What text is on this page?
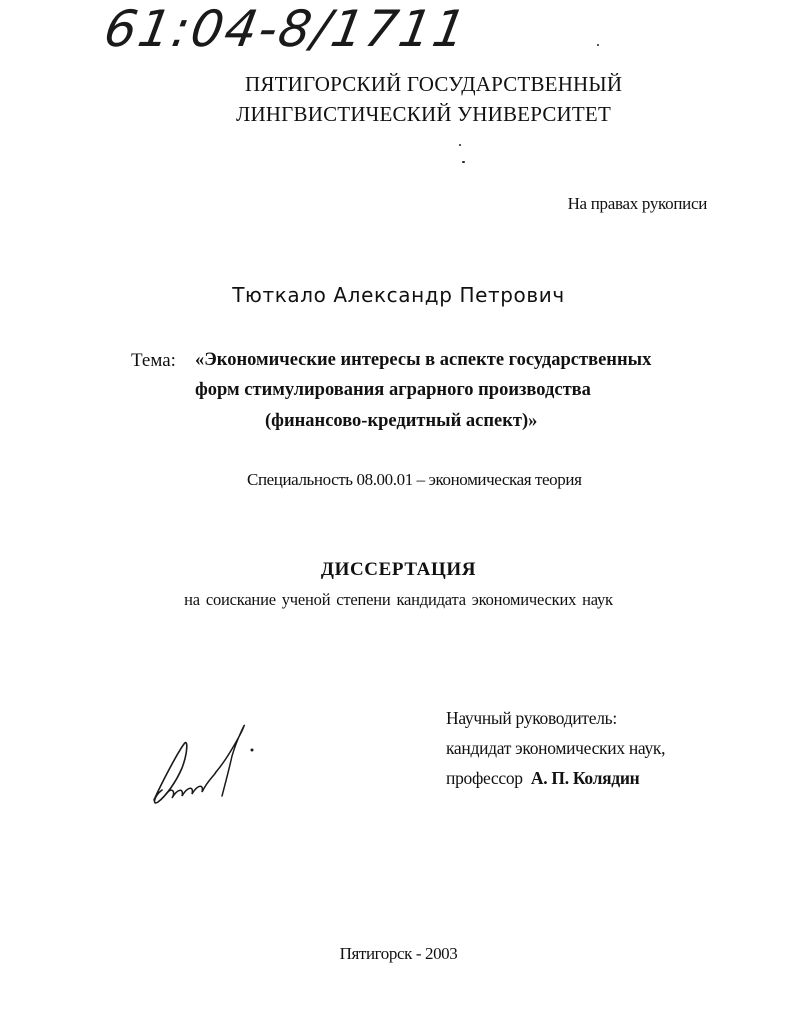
61:04-8/1711
ПЯТИГОРСКИЙ ГОСУДАРСТВЕННЫЙ
ЛИНГВИСТИЧЕСКИЙ УНИВЕРСИТЕТ
На правах рукописи
Тюткало Александр Петрович
Тема: «Экономические интересы в аспекте государственных
форм стимулирования аграрного производства
(финансово-кредитный аспект)»
Специальность 08.00.01 – экономическая теория
ДИССЕРТАЦИЯ
на соискание ученой степени кандидата экономических наук
Научный руководитель:
кандидат экономических наук,
профессор А. П. Колядин
Пятигорск - 2003
